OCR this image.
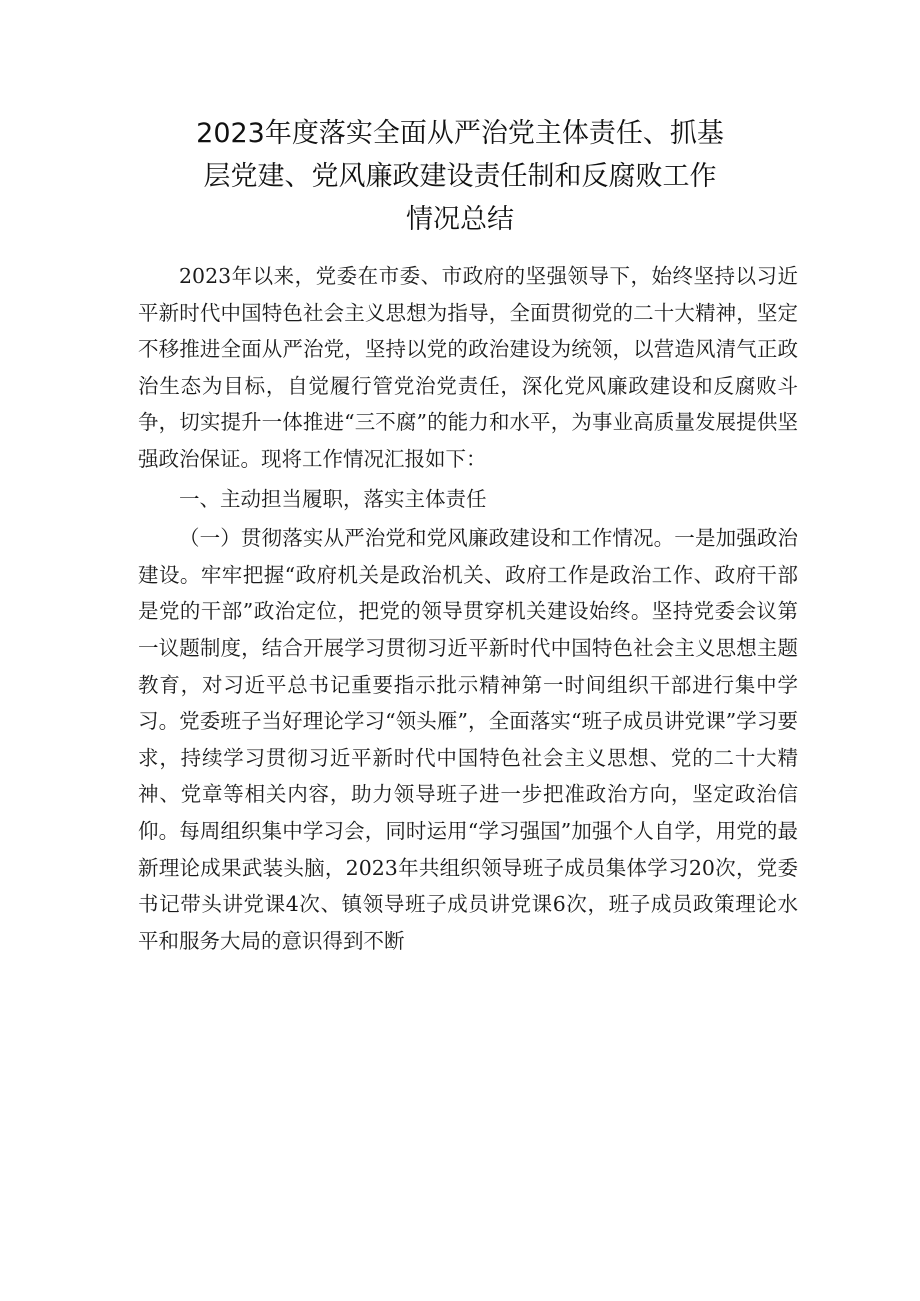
2023年度落实全面从严治党主体责任、抓基
层党建、党风廉政建设责任制和反腐败工作
情况总结

2023年以来，党委在市委、市政府的坚强领导下，始终坚持以习近平新时代中国特色社会主义思想为指导，全面贯彻党的二十大精神，坚定不移推进全面从严治党，坚持以党的政治建设为统领，以营造风清气正政治生态为目标，自觉履行管党治党责任，深化党风廉政建设和反腐败斗争，切实提升一体推进“三不腐”的能力和水平，为事业高质量发展提供坚强政治保证。现将工作情况汇报如下：

一、主动担当履职，落实主体责任

（一）贯彻落实从严治党和党风廉政建设和工作情况。一是加强政治建设。牢牢把握“政府机关是政治机关、政府工作是政治工作、政府干部是党的干部”政治定位，把党的领导贯穿机关建设始终。坚持党委会议第一议题制度，结合开展学习贯彻习近平新时代中国特色社会主义思想主题教育，对习近平总书记重要指示批示精神第一时间组织干部进行集中学习。党委班子当好理论学习“领头雁”，全面落实“班子成员讲党课”学习要求，持续学习贯彻习近平新时代中国特色社会主义思想、党的二十大精神、党章等相关内容，助力领导班子进一步把准政治方向，坚定政治信仰。每周组织集中学习会，同时运用“学习强国”加强个人自学，用党的最新理论成果武装头脑，2023年共组织领导班子成员集体学习20次，党委书记带头讲党课4次、镇领导班子成员讲党课6次，班子成员政策理论水平和服务大局的意识得到不断
